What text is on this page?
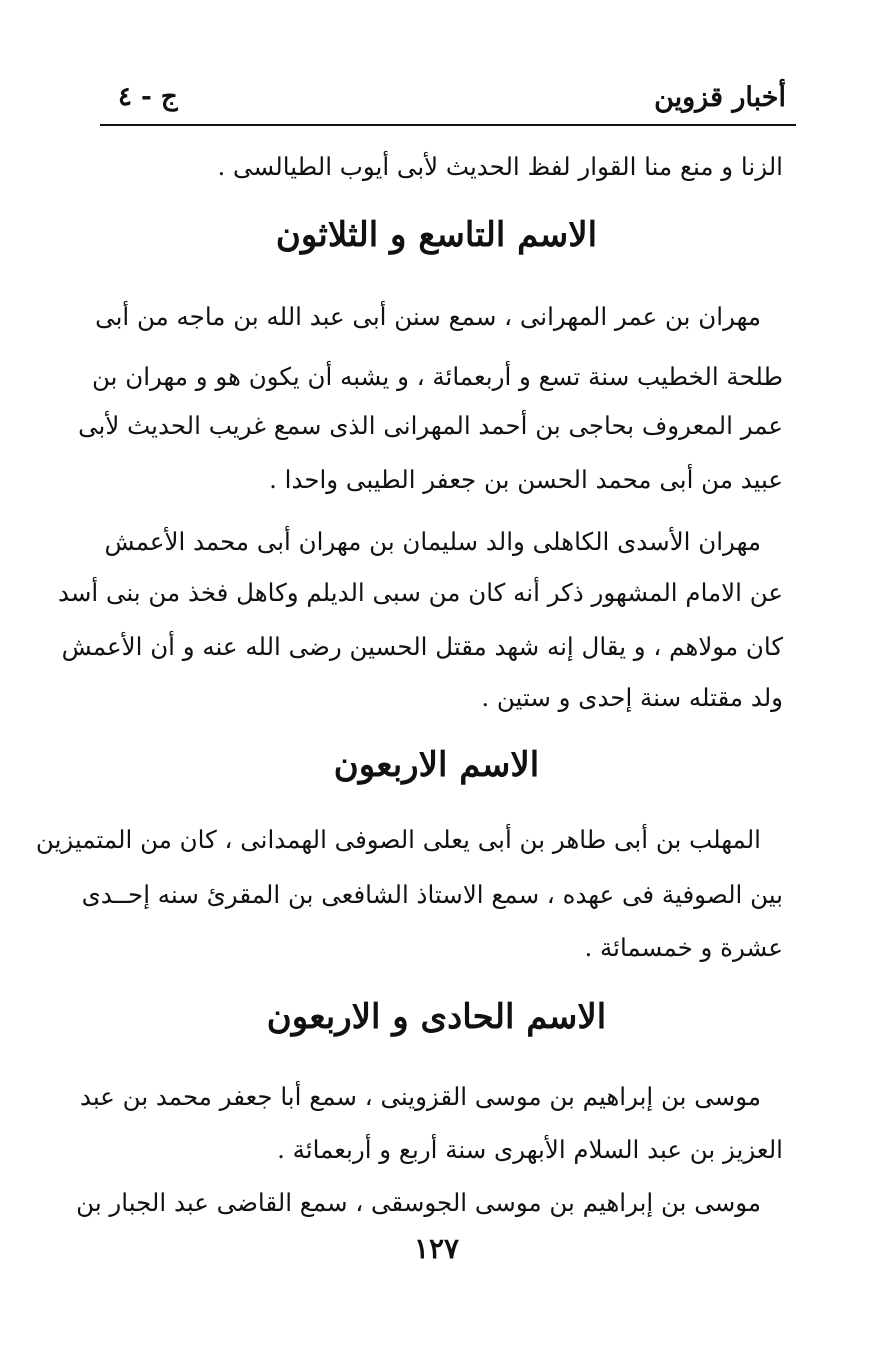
أخبار قزوين
ج - ٤
الزنا و منع منا القوار لفظ الحديث لأبى أيوب الطيالسى .
الاسم التاسع و الثلاثون
مهران بن عمر المهرانى ، سمع سنن أبى عبد الله بن ماجه من أبى
طلحة الخطيب سنة تسع و أربعمائة ، و يشبه أن يكون هو و مهران بن
عمر المعروف بحاجى بن أحمد المهرانى الذى سمع غريب الحديث لأبى
عبيد من أبى محمد الحسن بن جعفر الطيبى واحدا .
مهران الأسدى الكاهلى والد سليمان بن مهران أبى محمد الأعمش
عن الامام المشهور ذكر أنه كان من سبى الديلم وكاهل فخذ من بنى أسد
كان مولاهم ، و يقال إنه شهد مقتل الحسين رضى الله عنه و أن الأعمش
ولد مقتله سنة إحدى و ستين .
الاسم الاربعون
المهلب بن أبى طاهر بن أبى يعلى الصوفى الهمدانى ، كان من المتميزين
بين الصوفية فى عهده ، سمع الاستاذ الشافعى بن المقرئ سنه إحــدى
عشرة و خمسمائة .
الاسم الحادى و الاربعون
موسى بن إبراهيم بن موسى القزوينى ، سمع أبا جعفر محمد بن عبد
العزيز بن عبد السلام الأبهرى سنة أربع و أربعمائة .
موسى بن إبراهيم بن موسى الجوسقى ، سمع القاضى عبد الجبار بن
١٢٧
